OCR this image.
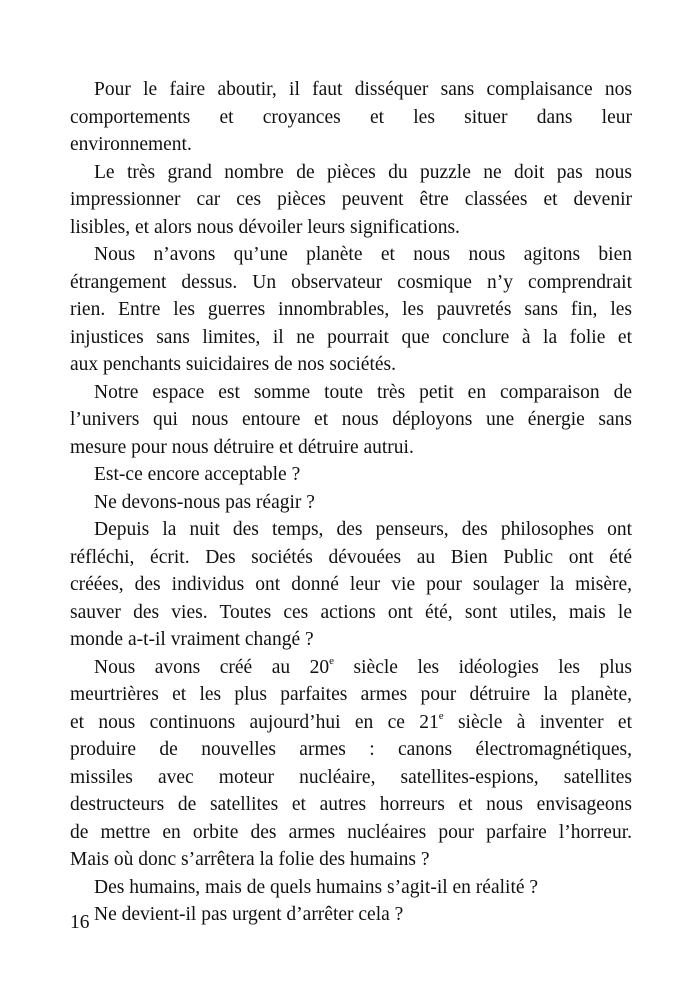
Pour le faire aboutir, il faut disséquer sans complaisance nos
comportements et croyances et les situer dans leur
environnement.
Le très grand nombre de pièces du puzzle ne doit pas nous
impressionner car ces pièces peuvent être classées et devenir
lisibles, et alors nous dévoiler leurs significations.
Nous n’avons qu’une planète et nous nous agitons bien
étrangement dessus. Un observateur cosmique n’y comprendrait
rien. Entre les guerres innombrables, les pauvretés sans fin, les
injustices sans limites, il ne pourrait que conclure à la folie et
aux penchants suicidaires de nos sociétés.
Notre espace est somme toute très petit en comparaison de
l’univers qui nous entoure et nous déployons une énergie sans
mesure pour nous détruire et détruire autrui.
Est-ce encore acceptable ?
Ne devons-nous pas réagir ?
Depuis la nuit des temps, des penseurs, des philosophes ont
réfléchi, écrit. Des sociétés dévouées au Bien Public ont été
créées, des individus ont donné leur vie pour soulager la misère,
sauver des vies. Toutes ces actions ont été, sont utiles, mais le
monde a-t-il vraiment changé ?
Nous avons créé au 20e siècle les idéologies les plus
meurtrières et les plus parfaites armes pour détruire la planète,
et nous continuons aujourd’hui en ce 21e siècle à inventer et
produire de nouvelles armes : canons électromagnétiques,
missiles avec moteur nucléaire, satellites-espions, satellites
destructeurs de satellites et autres horreurs et nous envisageons
de mettre en orbite des armes nucléaires pour parfaire l’horreur.
Mais où donc s’arrêtera la folie des humains ?
Des humains, mais de quels humains s’agit-il en réalité ?
Ne devient-il pas urgent d’arrêter cela ?
16
